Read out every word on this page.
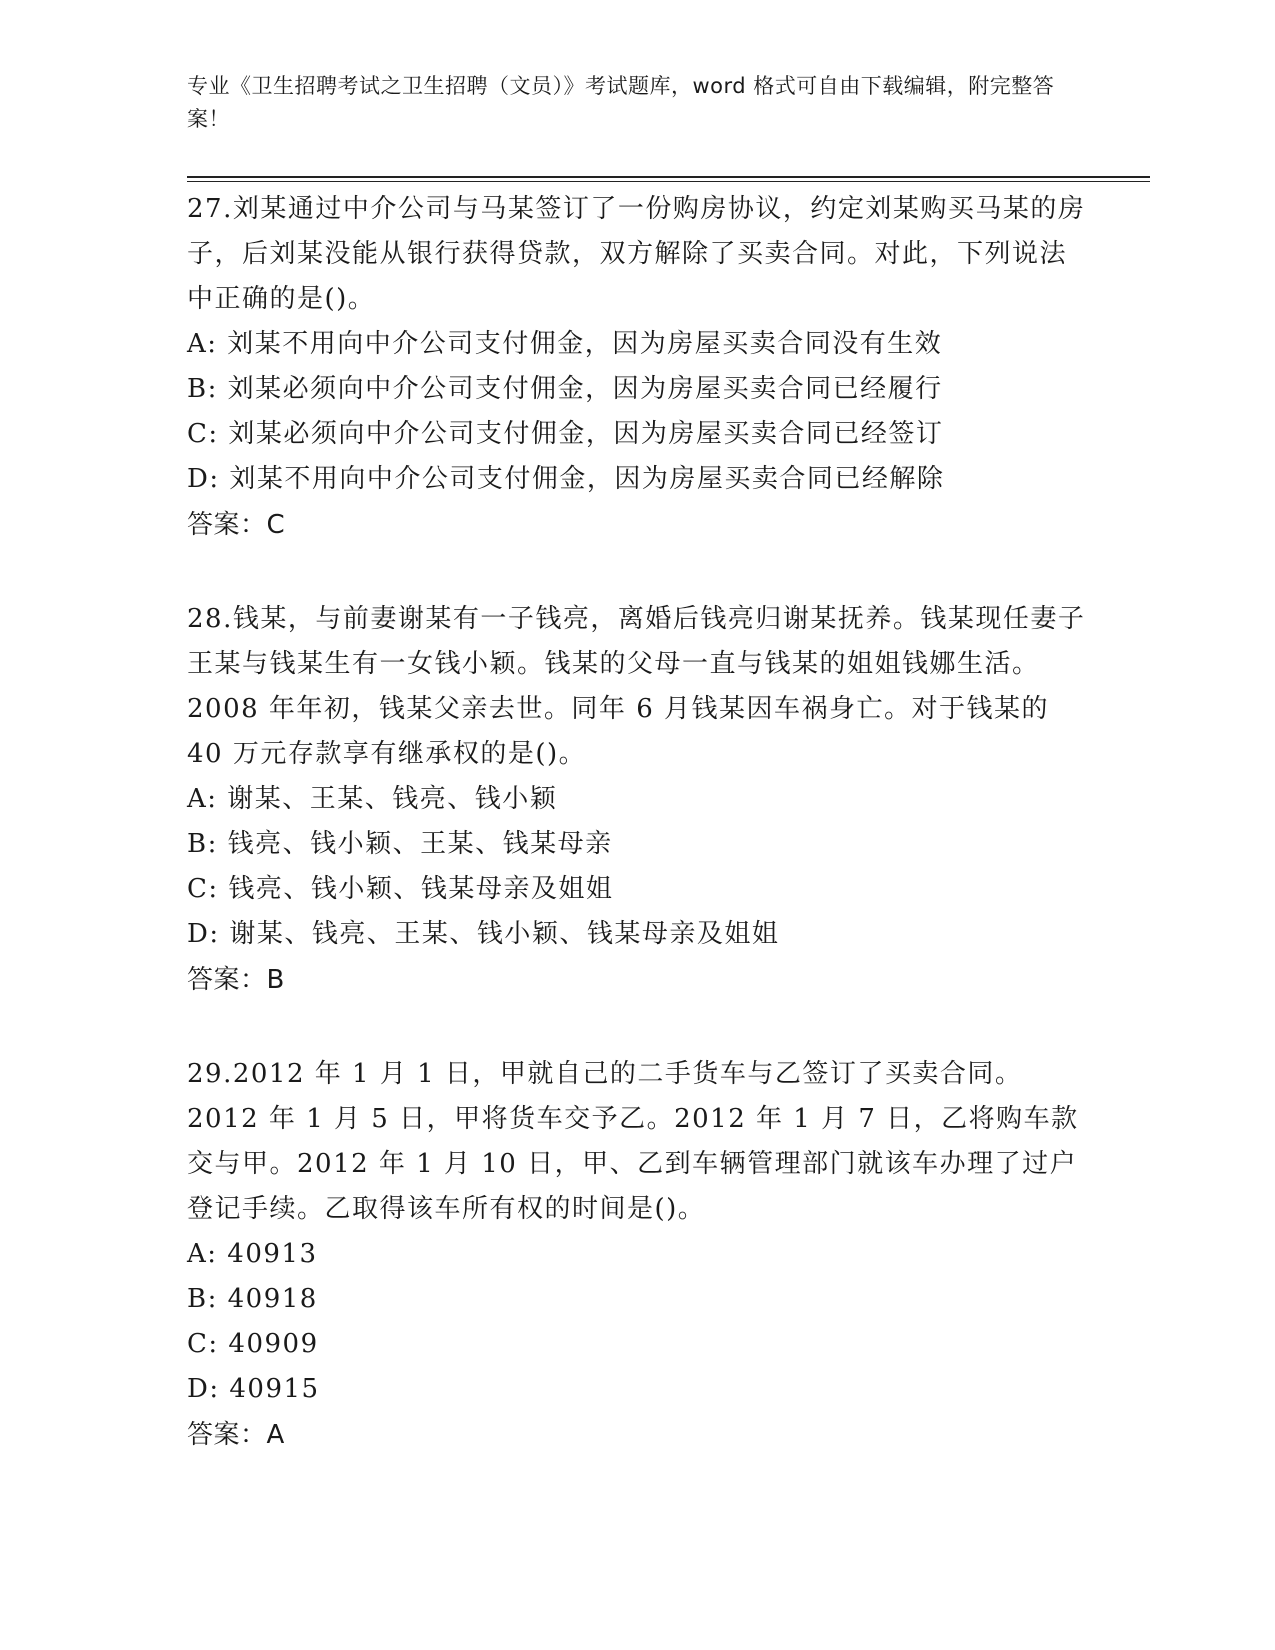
专业《卫生招聘考试之卫生招聘（文员）》考试题库，word 格式可自由下载编辑，附完整答案！
27.刘某通过中介公司与马某签订了一份购房协议，约定刘某购买马某的房子，后刘某没能从银行获得贷款，双方解除了买卖合同。对此，下列说法中正确的是()。
A: 刘某不用向中介公司支付佣金，因为房屋买卖合同没有生效
B: 刘某必须向中介公司支付佣金，因为房屋买卖合同已经履行
C: 刘某必须向中介公司支付佣金，因为房屋买卖合同已经签订
D: 刘某不用向中介公司支付佣金，因为房屋买卖合同已经解除
答案：C
28.钱某，与前妻谢某有一子钱亮，离婚后钱亮归谢某抚养。钱某现任妻子王某与钱某生有一女钱小颖。钱某的父母一直与钱某的姐姐钱娜生活。2008 年年初，钱某父亲去世。同年 6 月钱某因车祸身亡。对于钱某的 40 万元存款享有继承权的是()。
A: 谢某、王某、钱亮、钱小颖
B: 钱亮、钱小颖、王某、钱某母亲
C: 钱亮、钱小颖、钱某母亲及姐姐
D: 谢某、钱亮、王某、钱小颖、钱某母亲及姐姐
答案：B
29.2012 年 1 月 1 日，甲就自己的二手货车与乙签订了买卖合同。2012 年 1 月 5 日，甲将货车交予乙。2012 年 1 月 7 日，乙将购车款交与甲。2012 年 1 月 10 日，甲、乙到车辆管理部门就该车办理了过户登记手续。乙取得该车所有权的时间是()。
A: 40913
B: 40918
C: 40909
D: 40915
答案：A
